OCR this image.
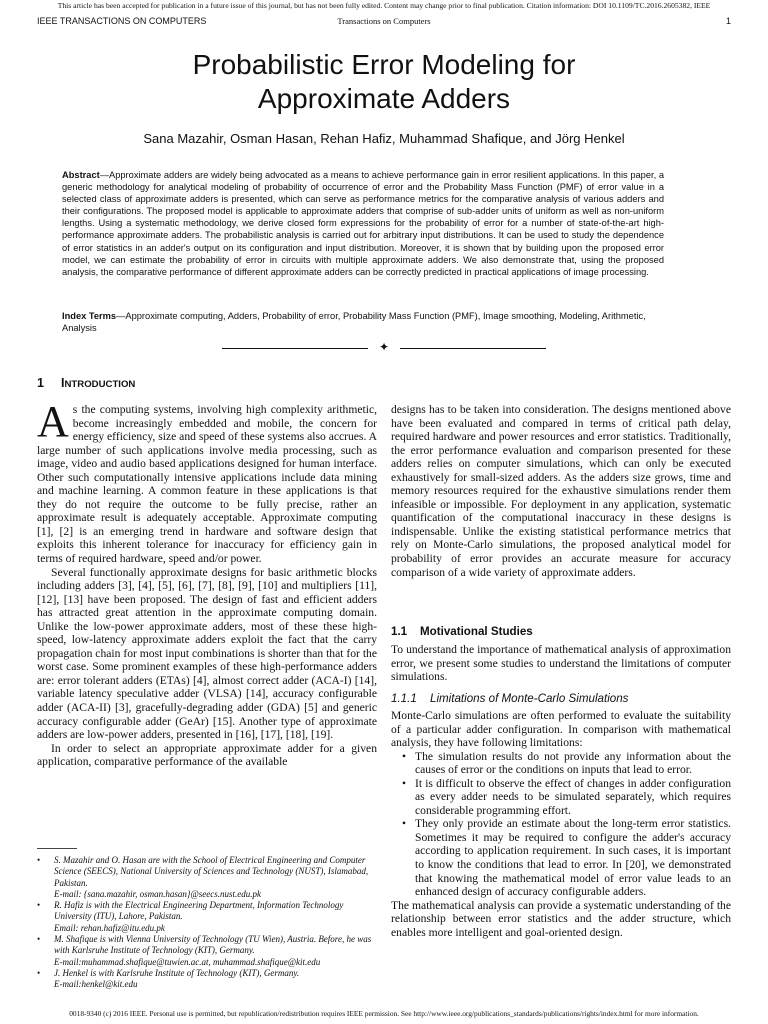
This article has been accepted for publication in a future issue of this journal, but has not been fully edited. Content may change prior to final publication. Citation information: DOI 10.1109/TC.2016.2605382, IEEE
IEEE TRANSACTIONS ON COMPUTERS	Transactions on Computers	1
Probabilistic Error Modeling for
Approximate Adders
Sana Mazahir, Osman Hasan, Rehan Hafiz, Muhammad Shafique, and Jörg Henkel
Abstract—Approximate adders are widely being advocated as a means to achieve performance gain in error resilient applications. In this paper, a generic methodology for analytical modeling of probability of occurrence of error and the Probability Mass Function (PMF) of error value in a selected class of approximate adders is presented, which can serve as performance metrics for the comparative analysis of various adders and their configurations. The proposed model is applicable to approximate adders that comprise of sub-adder units of uniform as well as non-uniform lengths. Using a systematic methodology, we derive closed form expressions for the probability of error for a number of state-of-the-art high-performance approximate adders. The probabilistic analysis is carried out for arbitrary input distributions. It can be used to study the dependence of error statistics in an adder's output on its configuration and input distribution. Moreover, it is shown that by building upon the proposed error model, we can estimate the probability of error in circuits with multiple approximate adders. We also demonstrate that, using the proposed analysis, the comparative performance of different approximate adders can be correctly predicted in practical applications of image processing.
Index Terms—Approximate computing, Adders, Probability of error, Probability Mass Function (PMF), Image smoothing, Modeling, Arithmetic, Analysis
✦
1 INTRODUCTION

As the computing systems, involving high complexity arithmetic, become increasingly embedded and mobile, the concern for energy efficiency, size and speed of these systems also accrues. A large number of such applications involve media processing, such as image, video and audio based applications designed for human interface. Other such computationally intensive applications include data mining and machine learning. A common feature in these applications is that they do not require the outcome to be fully precise, rather an approximate result is adequately acceptable. Approximate computing [1], [2] is an emerging trend in hardware and software design that exploits this inherent tolerance for inaccuracy for efficiency gain in terms of required hardware, speed and/or power.

Several functionally approximate designs for basic arithmetic blocks including adders [3], [4], [5], [6], [7], [8], [9], [10] and multipliers [11], [12], [13] have been proposed. The design of fast and efficient adders has attracted great attention in the approximate computing domain. Unlike the low-power approximate adders, most of these these high-speed, low-latency approximate adders exploit the fact that the carry propagation chain for most input combinations is shorter than that for the worst case. Some prominent examples of these high-performance adders are: error tolerant adders (ETAs) [4], almost correct adder (ACA-I) [14], variable latency speculative adder (VLSA) [14], accuracy configurable adder (ACA-II) [3], gracefully-degrading adder (GDA) [5] and generic accuracy configurable adder (GeAr) [15]. Another type of approximate adders are low-power adders, presented in [16], [17], [18], [19].

In order to select an appropriate approximate adder for a given application, comparative performance of the available

• S. Mazahir and O. Hasan are with the School of Electrical Engineering and Computer Science (SEECS), National University of Sciences and Technology (NUST), Islamabad, Pakistan.
E-mail: {sana.mazahir, osman.hasan}@seecs.nust.edu.pk
• R. Hafiz is with the Electrical Engineering Department, Information Technology University (ITU), Lahore, Pakistan.
Email: rehan.hafiz@itu.edu.pk
• M. Shafique is with Vienna University of Technology (TU Wien), Austria. Before, he was with Karlsruhe Institute of Technology (KIT), Germany.
E-mail:muhammad.shafique@tuwien.ac.at, muhammad.shafique@kit.edu
• J. Henkel is with Karlsruhe Institute of Technology (KIT), Germany.
E-mail:henkel@kit.edu

designs has to be taken into consideration. The designs mentioned above have been evaluated and compared in terms of critical path delay, required hardware and power resources and error statistics. Traditionally, the error performance evaluation and comparison presented for these adders relies on computer simulations, which can only be executed exhaustively for small-sized adders. As the adders size grows, time and memory resources required for the exhaustive simulations render them infeasible or impossible. For deployment in any application, systematic quantification of the computational inaccuracy in these designs is indispensable. Unlike the existing statistical performance metrics that rely on Monte-Carlo simulations, the proposed analytical model for probability of error provides an accurate measure for accuracy comparison of a wide variety of approximate adders.

1.1 Motivational Studies

To understand the importance of mathematical analysis of approximation error, we present some studies to understand the limitations of computer simulations.

1.1.1 Limitations of Monte-Carlo Simulations

Monte-Carlo simulations are often performed to evaluate the suitability of a particular adder configuration. In comparison with mathematical analysis, they have following limitations:

• The simulation results do not provide any information about the causes of error or the conditions on inputs that lead to error.
• It is difficult to observe the effect of changes in adder configuration as every adder needs to be simulated separately, which requires considerable programming effort.
• They only provide an estimate about the long-term error statistics. Sometimes it may be required to configure the adder's accuracy according to application requirement. In such cases, it is important to know the conditions that lead to error. In [20], we demonstrated that knowing the mathematical model of error value leads to an enhanced design of accuracy configurable adders.

The mathematical analysis can provide a systematic understanding of the relationship between error statistics and the adder structure, which enables more intelligent and goal-oriented design.

0018-9340 (c) 2016 IEEE. Personal use is permitted, but republication/redistribution requires IEEE permission. See http://www.ieee.org/publications_standards/publications/rights/index.html for more information.
